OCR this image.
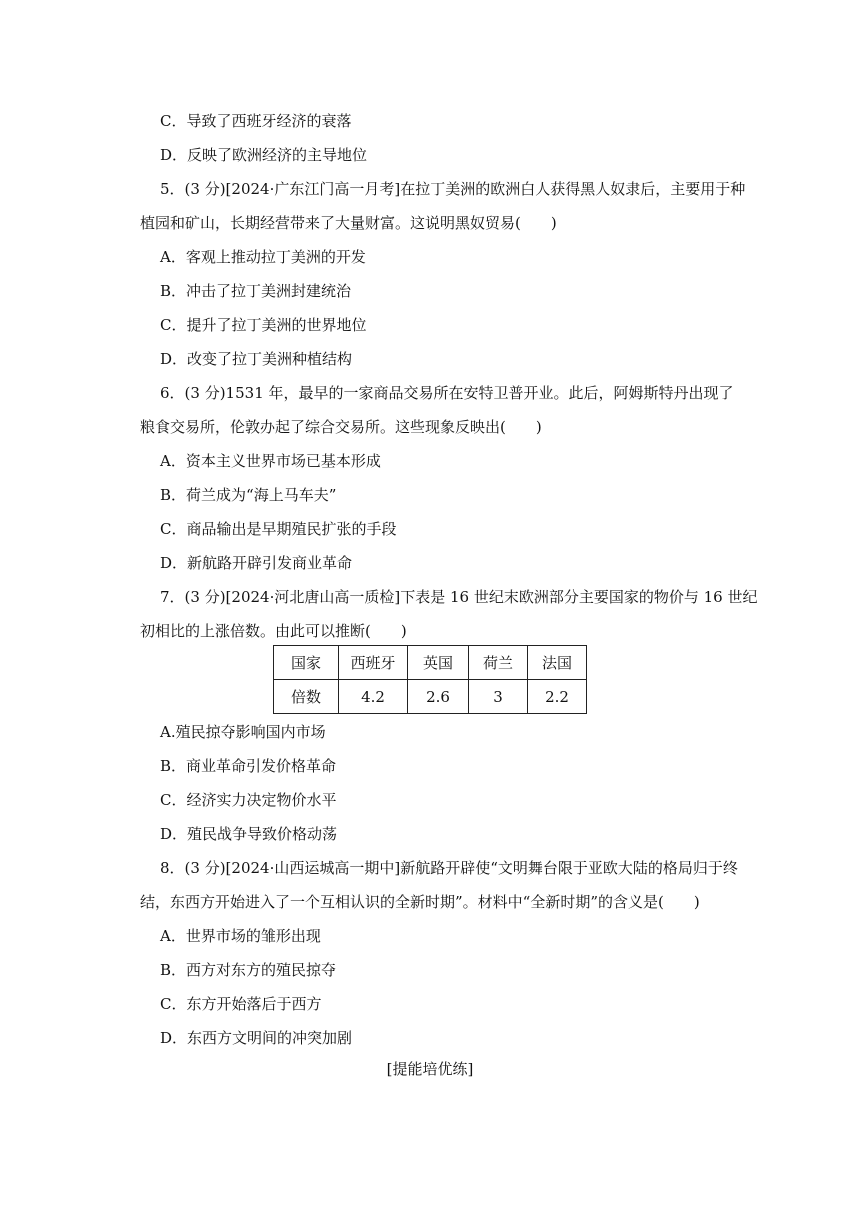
C．导致了西班牙经济的衰落
D．反映了欧洲经济的主导地位
5．(3 分)[2024·广东江门高一月考]在拉丁美洲的欧洲白人获得黑人奴隶后，主要用于种
植园和矿山，长期经营带来了大量财富。这说明黑奴贸易(　　)
A．客观上推动拉丁美洲的开发
B．冲击了拉丁美洲封建统治
C．提升了拉丁美洲的世界地位
D．改变了拉丁美洲种植结构
6．(3 分)1531 年，最早的一家商品交易所在安特卫普开业。此后，阿姆斯特丹出现了
粮食交易所，伦敦办起了综合交易所。这些现象反映出(　　)
A．资本主义世界市场已基本形成
B．荷兰成为“海上马车夫”
C．商品输出是早期殖民扩张的手段
D．新航路开辟引发商业革命
7．(3 分)[2024·河北唐山高一质检]下表是 16 世纪末欧洲部分主要国家的物价与 16 世纪
初相比的上涨倍数。由此可以推断(　　)
国家	西班牙	英国	荷兰	法国
倍数	4.2	2.6	3	2.2
A.殖民掠夺影响国内市场
B．商业革命引发价格革命
C．经济实力决定物价水平
D．殖民战争导致价格动荡
8．(3 分)[2024·山西运城高一期中]新航路开辟使“文明舞台限于亚欧大陆的格局归于终
结，东西方开始进入了一个互相认识的全新时期”。材料中“全新时期”的含义是(　　)
A．世界市场的雏形出现
B．西方对东方的殖民掠夺
C．东方开始落后于西方
D．东西方文明间的冲突加剧
[提能培优练]
